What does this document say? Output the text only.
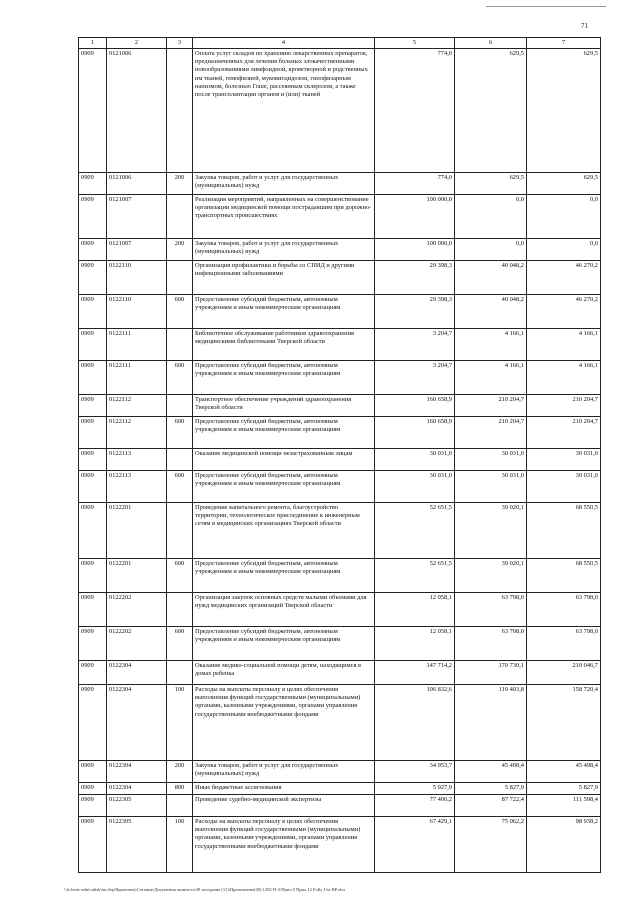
71
1	2	3	4	5	6	7
0909	0121006		Оплата услуг складов по хранению лекарственных препаратов, предназначенных для лечения больных злокачественными новообразованиями лимфоидной, кроветворной и родственных им тканей, гемофилией, муковисцидозом, гипофизарным нанизмом, болезнью Гоше, рассеянным склерозом, а также после трансплантации органов и (или) тканей	774,0	629,5	629,5
0909	0121006	200	Закупка товаров, работ и услуг для государственных (муниципальных) нужд	774,0	629,5	629,5
0909	0121007		Реализация мероприятий, направленных на совершенствование организации медицинской помощи пострадавшим при дорожно-транспортных происшествиях	100 000,0	0,0	0,0
0909	0121007	200	Закупка товаров, работ и услуг для государственных (муниципальных) нужд	100 000,0	0,0	0,0
0909	0122110		Организация профилактики и борьбы со СПИД и другими инфекционными заболеваниями	29 398,3	40 048,2	46 270,2
0909	0122110	600	Предоставление субсидий бюджетным, автономным учреждениям и иным некоммерческим организациям	29 398,3	40 048,2	46 270,2
0909	0122111		Библиотечное обслуживание работников здравоохранения медицинскими библиотеками Тверской области	3 204,7	4 166,1	4 166,1
0909	0122111	600	Предоставление субсидий бюджетным, автономным учреждениям и иным некоммерческим организациям	3 204,7	4 166,1	4 166,1
0909	0122112		Транспортное обеспечение учреждений здравоохранения Тверской области	160 658,9	210 204,7	210 204,7
0909	0122112	600	Предоставление субсидий бюджетным, автономным учреждениям и иным некоммерческим организациям	160 658,9	210 204,7	210 204,7
0909	0122113		Оказание медицинской помощи незастрахованным лицам	30 031,0	30 031,0	30 031,0
0909	0122113	600	Предоставление субсидий бюджетным, автономным учреждениям и иным некоммерческим организациям	30 031,0	30 031,0	30 031,0
0909	0122201		Проведение капитального ремонта, благоустройство территории, технологическое присоединение к инженерным сетям в медицинских организациях Тверской области	52 651,5	39 020,1	68 550,5
0909	0122201	600	Предоставление субсидий бюджетным, автономным учреждениям и иным некоммерческим организациям	52 651,5	39 020,1	68 550,5
0909	0122202		Организация закупок основных средств малыми объемами для нужд медицинских организаций Тверской области	12 058,1	63 798,0	63 798,0
0909	0122202	600	Предоставление субсидий бюджетным, автономным учреждениям и иным некоммерческим организациям	12 058,1	63 798,0	63 798,0
0909	0122304		Оказание медико-социальной помощи детям, находящимся в домах ребенка	147 714,2	170 730,1	210 046,7
0909	0122304	100	Расходы на выплаты персоналу в целях обеспечения выполнения функций государственными (муниципальными) органами, казенными учреждениями, органами управления государственными внебюджетными фондами	106 832,6	119 403,8	158 720,4
0909	0122304	200	Закупка товаров, работ и услуг для государственных (муниципальных) нужд	34 953,7	45 498,4	45 498,4
0909	0122304	800	Иные бюджетные ассигнования	5 927,9	5 827,9	5 827,9
0909	0122305		Проведение судебно-медицинской экспертизы	77 400,2	87 722,4	111 598,4
0909	0122305	100	Расходы на выплаты персоналу в целях обеспечения выполнения функций государственными (муниципальными) органами, казенными учреждениями, органами управления государственными внебюджетными фондами	67 429,1	75 062,2	98 938,2
\\fs-lenic-adm\udisk\lm.dep\Ядвиговец\Сетевые\Документы комитета\49 заседание (11)\Приложение(49) 1292-П-2\Прил.5 Прил.12 Fully Use BP.xlsx
